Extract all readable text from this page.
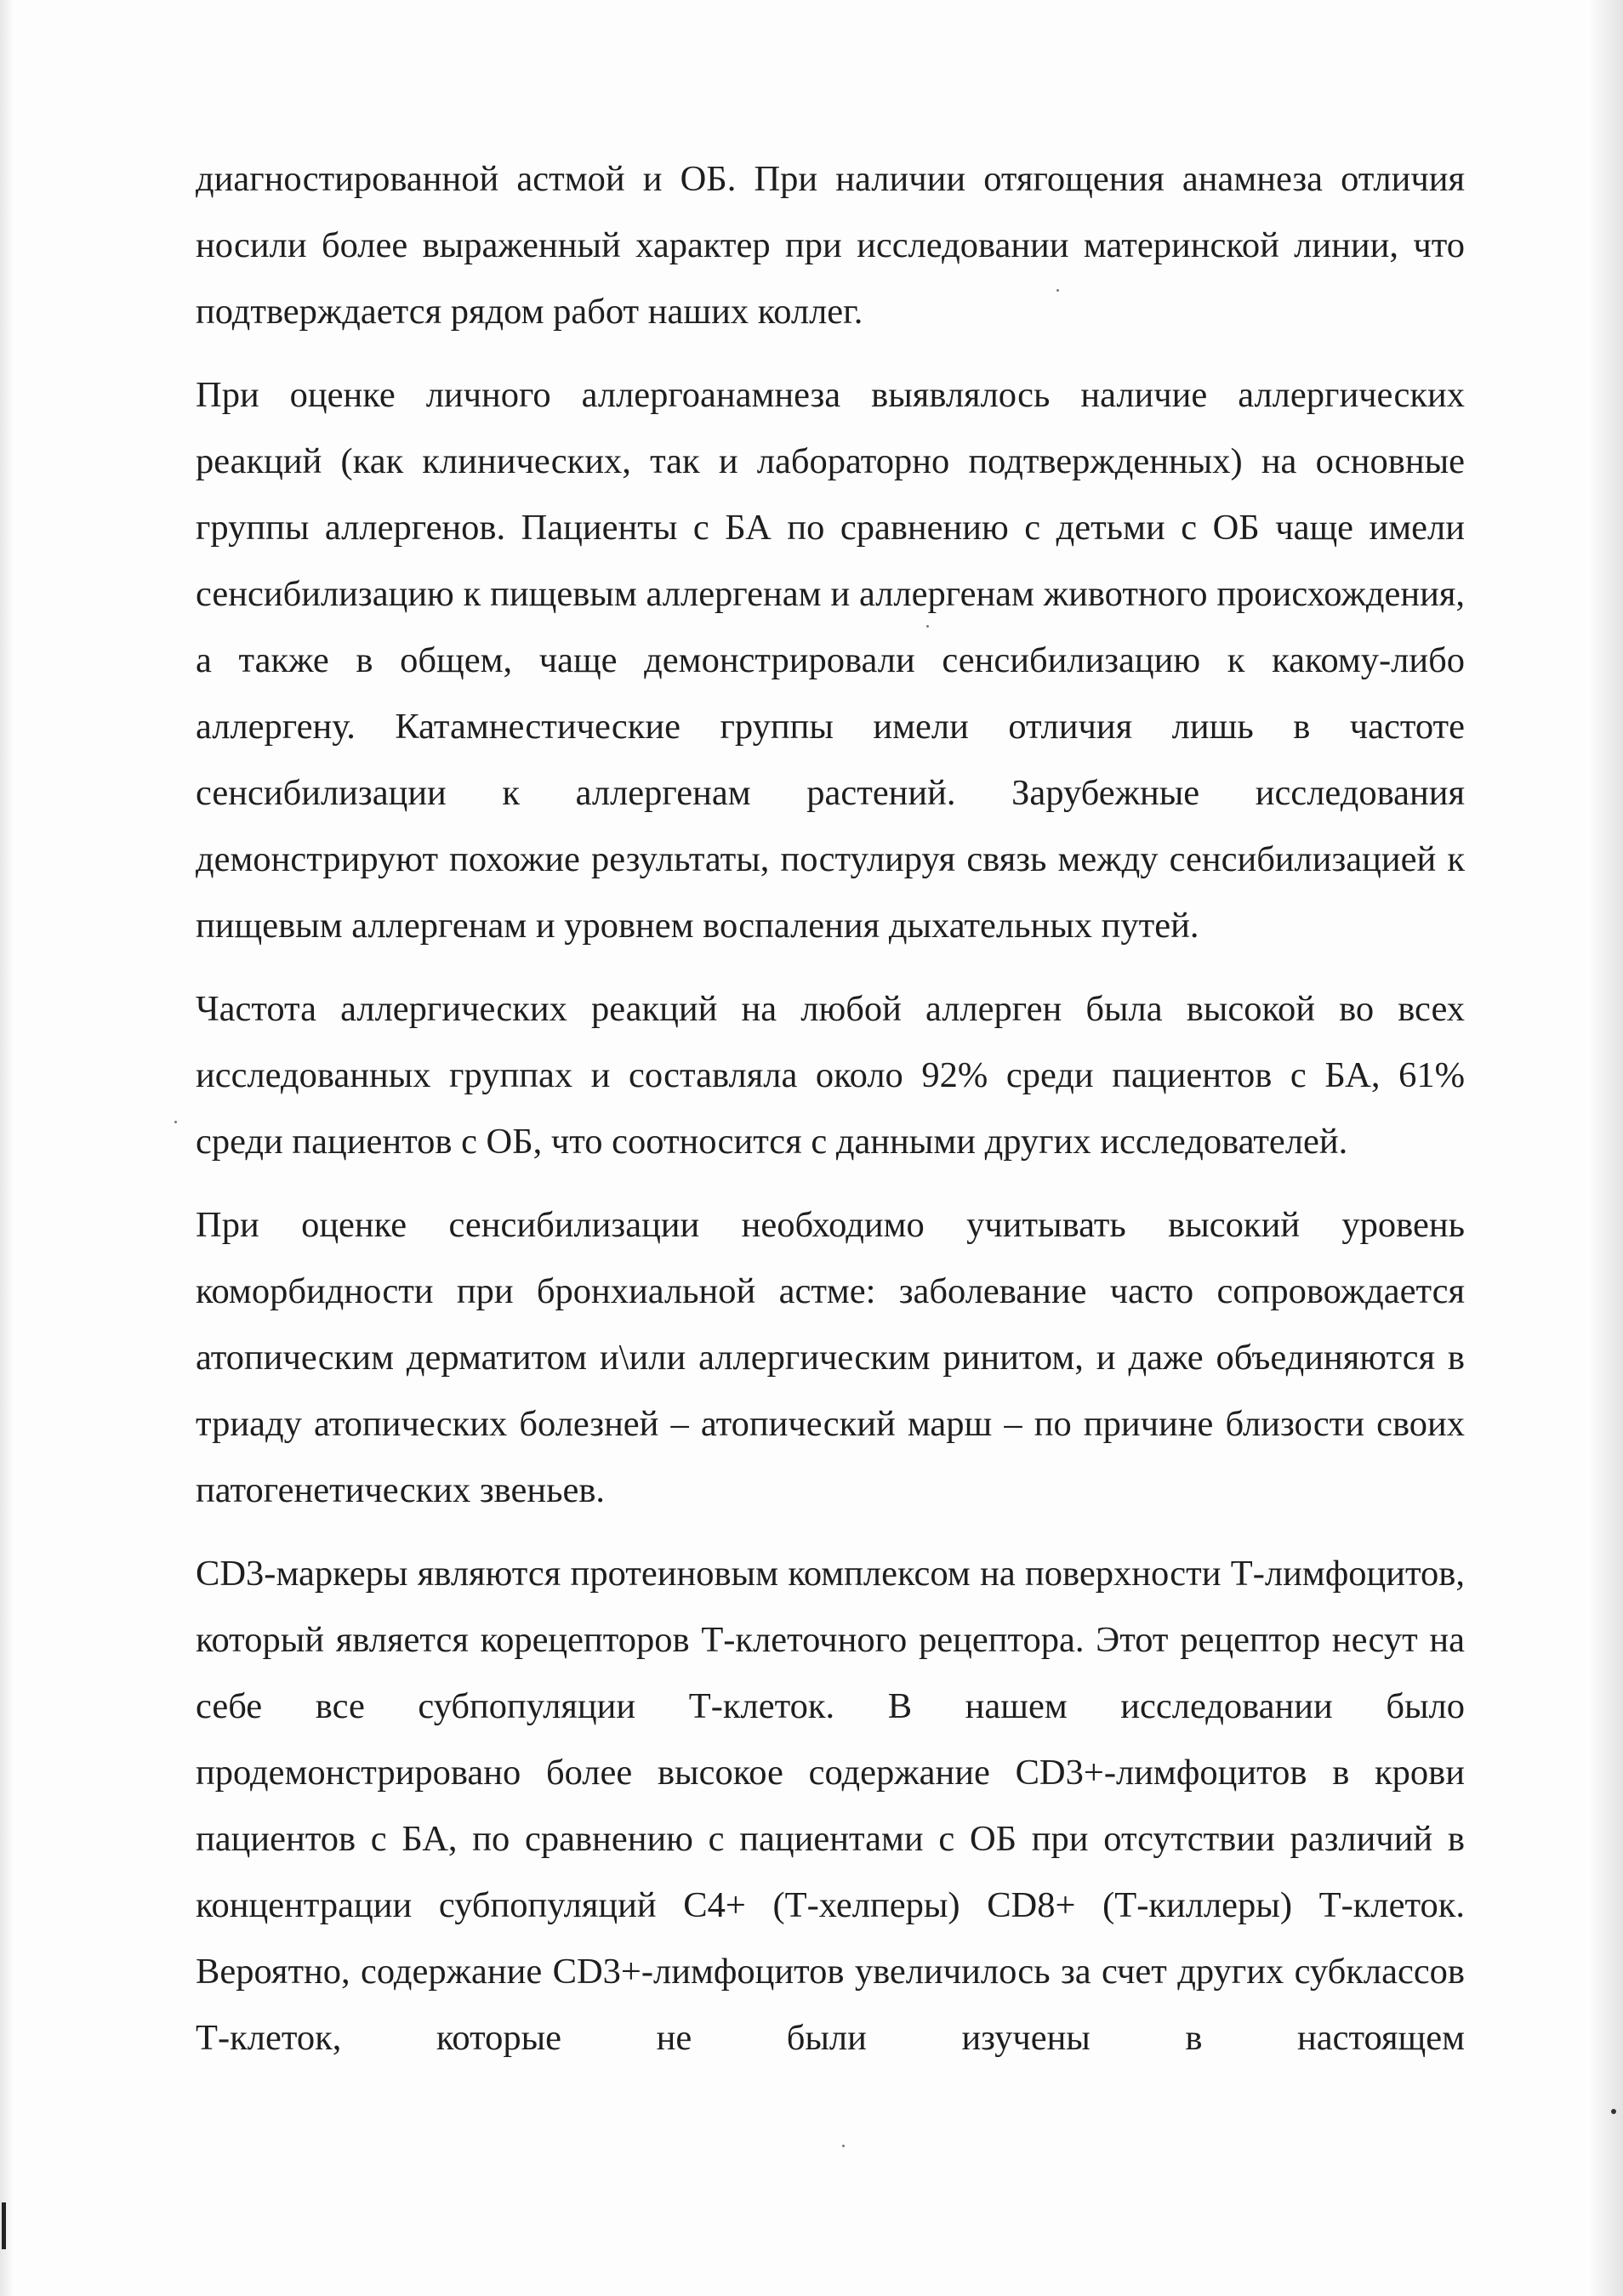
диагностированной астмой и ОБ. При наличии отягощения анамнеза отличия носили более выраженный характер при исследовании материнской линии, что подтверждается рядом работ наших коллег.

При оценке личного аллергоанамнеза выявлялось наличие аллергических реакций (как клинических, так и лабораторно подтвержденных) на основные группы аллергенов. Пациенты с БА по сравнению с детьми с ОБ чаще имели сенсибилизацию к пищевым аллергенам и аллергенам животного происхождения, а также в общем, чаще демонстрировали сенсибилизацию к какому-либо аллергену. Катамнестические группы имели отличия лишь в частоте сенсибилизации к аллергенам растений. Зарубежные исследования демонстрируют похожие результаты, постулируя связь между сенсибилизацией к пищевым аллергенам и уровнем воспаления дыхательных путей.

Частота аллергических реакций на любой аллерген была высокой во всех исследованных группах и составляла около 92% среди пациентов с БА, 61% среди пациентов с ОБ, что соотносится с данными других исследователей.

При оценке сенсибилизации необходимо учитывать высокий уровень коморбидности при бронхиальной астме: заболевание часто сопровождается атопическим дерматитом и\или аллергическим ринитом, и даже объединяются в триаду атопических болезней – атопический марш – по причине близости своих патогенетических звеньев.

CD3-маркеры являются протеиновым комплексом на поверхности Т-лимфоцитов, который является корецепторов Т-клеточного рецептора. Этот рецептор несут на себе все субпопуляции Т-клеток. В нашем исследовании было продемонстрировано более высокое содержание CD3+-лимфоцитов в крови пациентов с БА, по сравнению с пациентами с ОБ при отсутствии различий в концентрации субпопуляций С4+ (Т-хелперы) CD8+ (Т-киллеры) Т-клеток. Вероятно, содержание CD3+-лимфоцитов увеличилось за счет других субклассов Т-клеток, которые не были изучены в настоящем
